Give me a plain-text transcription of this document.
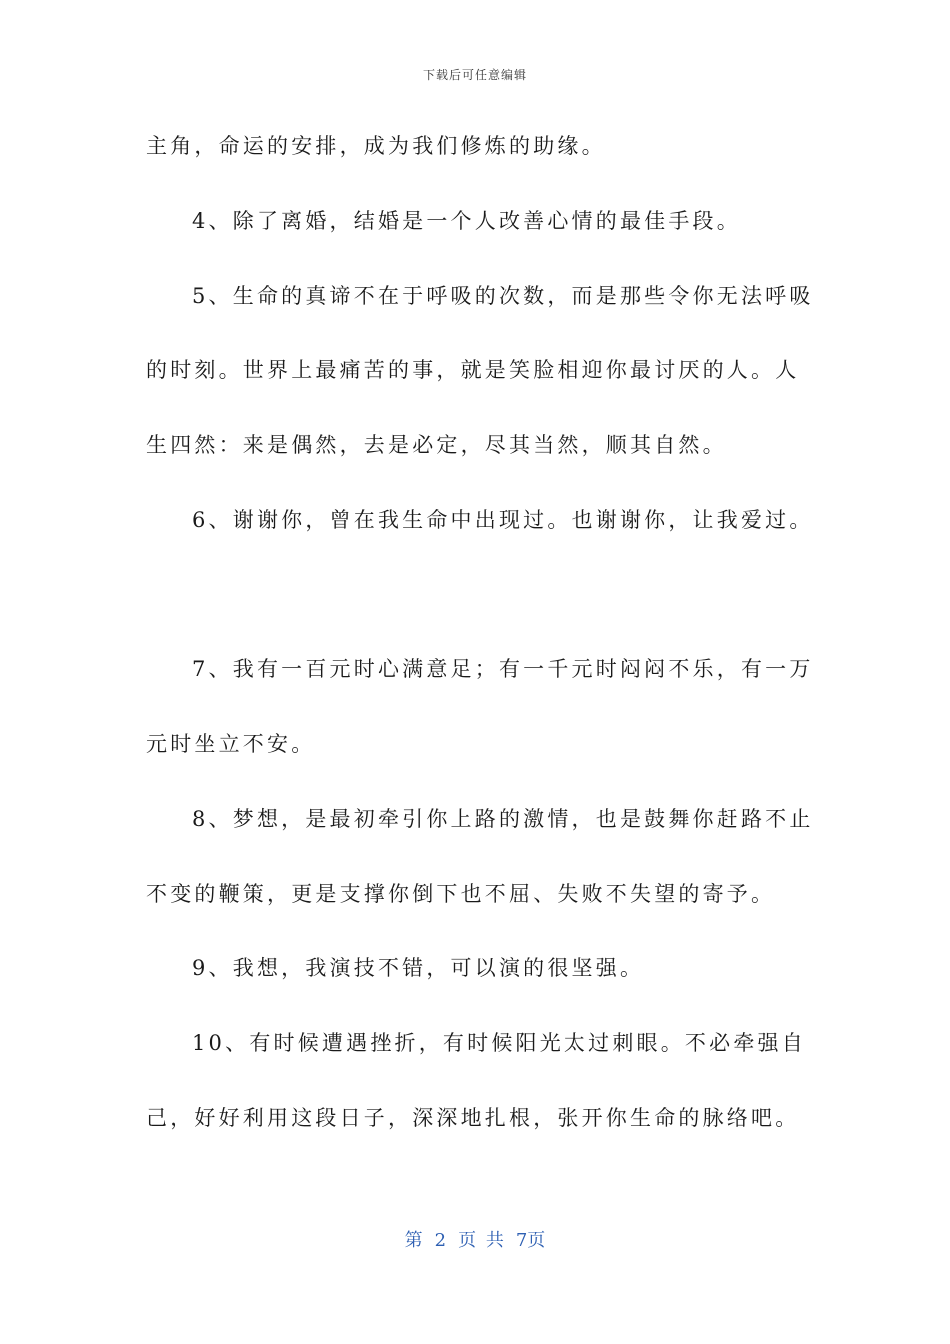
下载后可任意编辑
主角，命运的安排，成为我们修炼的助缘。
4、除了离婚，结婚是一个人改善心情的最佳手段。
5、生命的真谛不在于呼吸的次数，而是那些令你无法呼吸
的时刻。世界上最痛苦的事，就是笑脸相迎你最讨厌的人。人
生四然：来是偶然，去是必定，尽其当然，顺其自然。
6、谢谢你，曾在我生命中出现过。也谢谢你，让我爱过。
7、我有一百元时心满意足；有一千元时闷闷不乐，有一万
元时坐立不安。
8、梦想，是最初牵引你上路的激情，也是鼓舞你赶路不止
不变的鞭策，更是支撑你倒下也不屈、失败不失望的寄予。
9、我想，我演技不错，可以演的很坚强。
10、有时候遭遇挫折，有时候阳光太过刺眼。不必牵强自
己，好好利用这段日子，深深地扎根，张开你生命的脉络吧。
第 2 页 共 7页
